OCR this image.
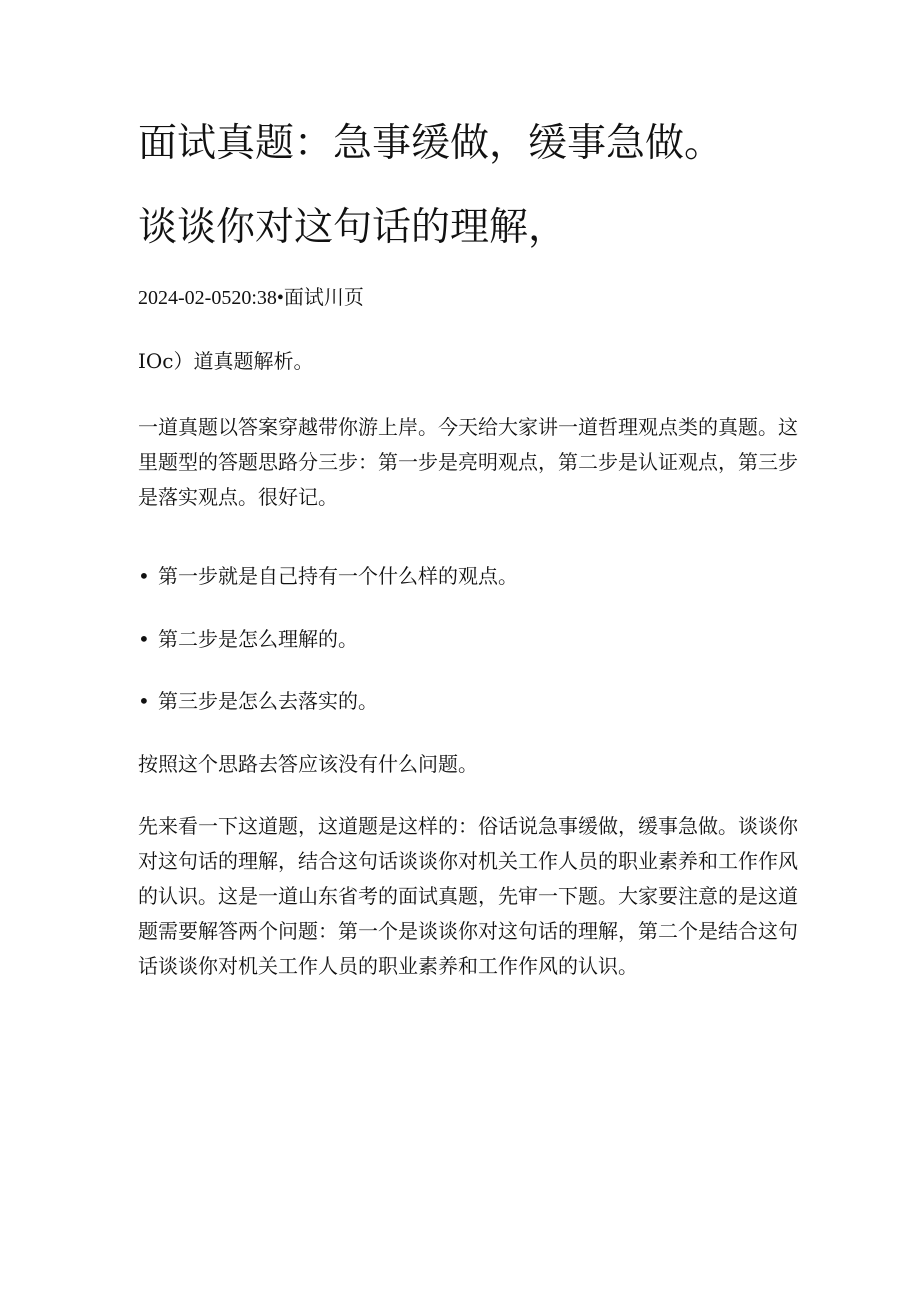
面试真题：急事缓做，缓事急做。
谈谈你对这句话的理解，
2024-02-0520:38•面试川页
IOc）道真题解析。

一道真题以答案穿越带你游上岸。今天给大家讲一道哲理观点类的真题。这里题型的答题思路分三步：第一步是亮明观点，第二步是认证观点，第三步是落实观点。很好记。

• 第一步就是自己持有一个什么样的观点。
• 第二步是怎么理解的。
• 第三步是怎么去落实的。

按照这个思路去答应该没有什么问题。

先来看一下这道题，这道题是这样的：俗话说急事缓做，缓事急做。谈谈你对这句话的理解，结合这句话谈谈你对机关工作人员的职业素养和工作作风的认识。这是一道山东省考的面试真题，先审一下题。大家要注意的是这道题需要解答两个问题：第一个是谈谈你对这句话的理解，第二个是结合这句话谈谈你对机关工作人员的职业素养和工作作风的认识。
